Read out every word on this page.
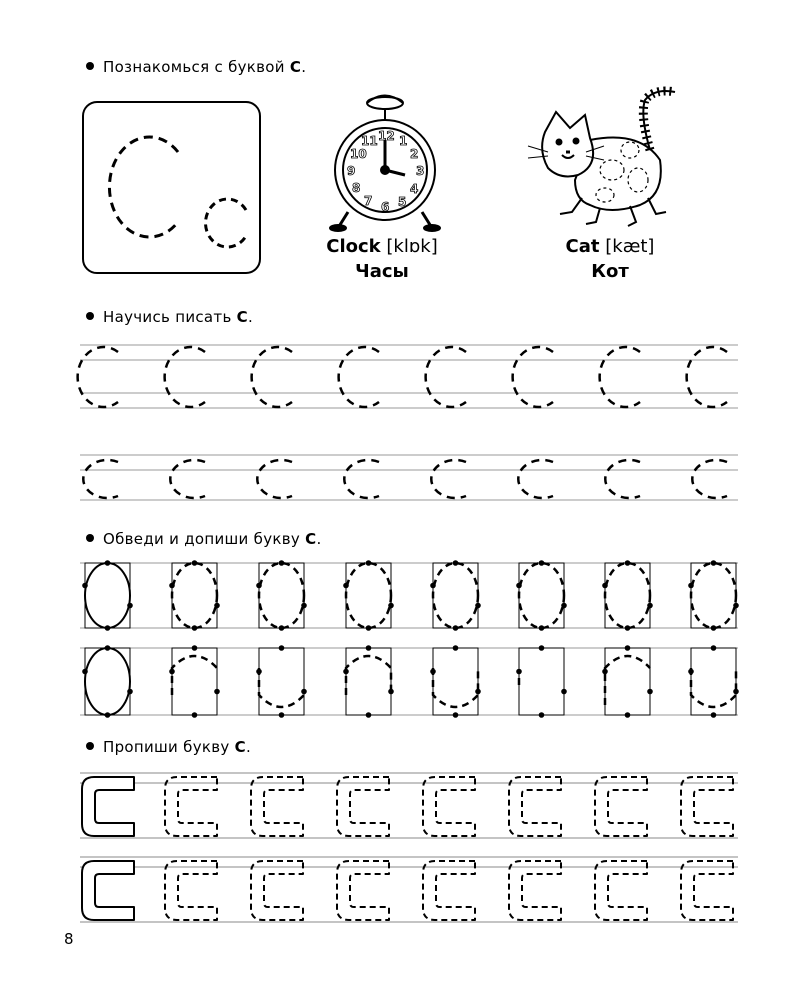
Познакомься с буквой C.
Научись писать C.
Обведи и допиши букву C.
Пропиши букву C.
Clock [klɒk]
Часы
Cat [kæt]
Кот
8
12 1
2
3
4
5
6
7
8
9
10
11
